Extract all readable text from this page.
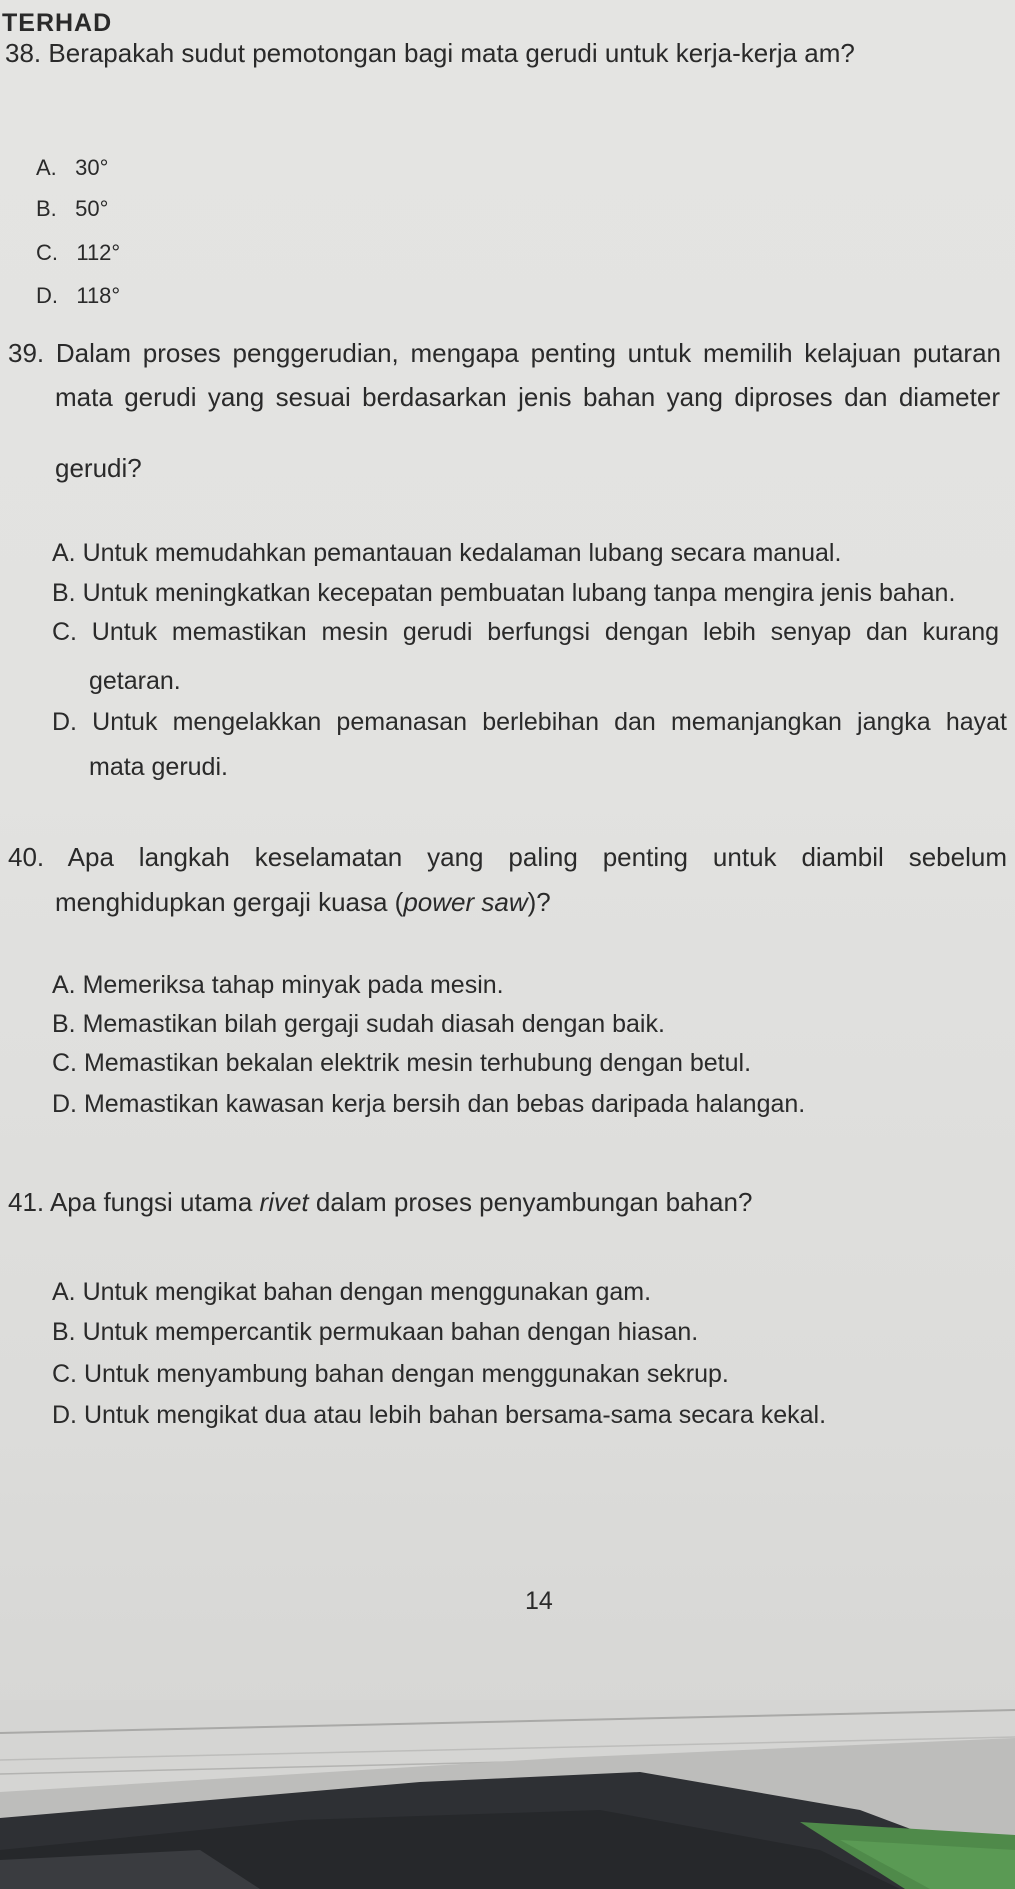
TERHAD
38. Berapakah sudut pemotongan bagi mata gerudi untuk kerja-kerja am?
A. 30°
B. 50°
C. 112°
D. 118°
39. Dalam proses penggerudian, mengapa penting untuk memilih kelajuan putaran
mata gerudi yang sesuai berdasarkan jenis bahan yang diproses dan diameter
gerudi?
A. Untuk memudahkan pemantauan kedalaman lubang secara manual.
B. Untuk meningkatkan kecepatan pembuatan lubang tanpa mengira jenis bahan.
C. Untuk memastikan mesin gerudi berfungsi dengan lebih senyap dan kurang
getaran.
D. Untuk mengelakkan pemanasan berlebihan dan memanjangkan jangka hayat
mata gerudi.
40. Apa langkah keselamatan yang paling penting untuk diambil sebelum
menghidupkan gergaji kuasa (power saw)?
A. Memeriksa tahap minyak pada mesin.
B. Memastikan bilah gergaji sudah diasah dengan baik.
C. Memastikan bekalan elektrik mesin terhubung dengan betul.
D. Memastikan kawasan kerja bersih dan bebas daripada halangan.
41. Apa fungsi utama rivet dalam proses penyambungan bahan?
A. Untuk mengikat bahan dengan menggunakan gam.
B. Untuk mempercantik permukaan bahan dengan hiasan.
C. Untuk menyambung bahan dengan menggunakan sekrup.
D. Untuk mengikat dua atau lebih bahan bersama-sama secara kekal.
14
